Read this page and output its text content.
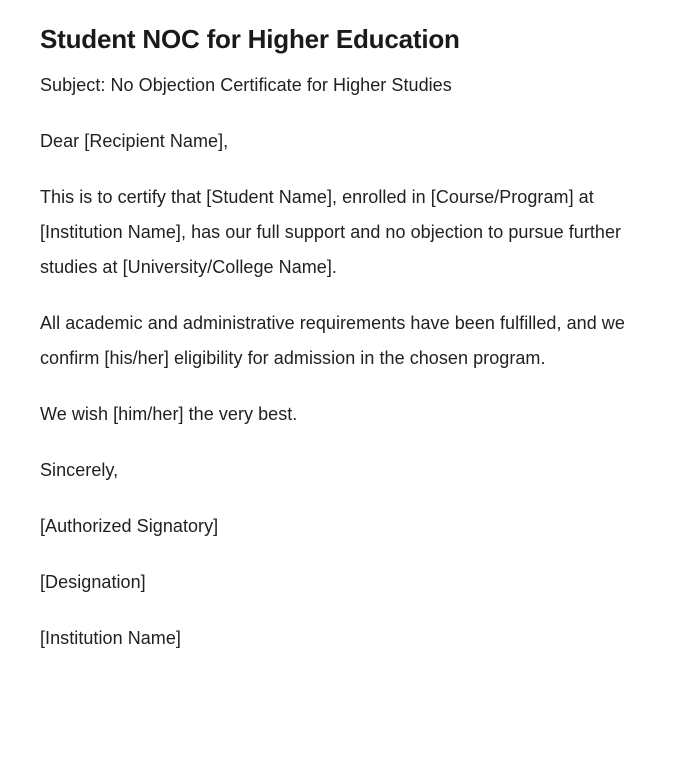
Student NOC for Higher Education

Subject: No Objection Certificate for Higher Studies

Dear [Recipient Name],

This is to certify that [Student Name], enrolled in [Course/Program] at [Institution Name], has our full support and no objection to pursue further studies at [University/College Name].

All academic and administrative requirements have been fulfilled, and we confirm [his/her] eligibility for admission in the chosen program.

We wish [him/her] the very best.

Sincerely,

[Authorized Signatory]

[Designation]

[Institution Name]
